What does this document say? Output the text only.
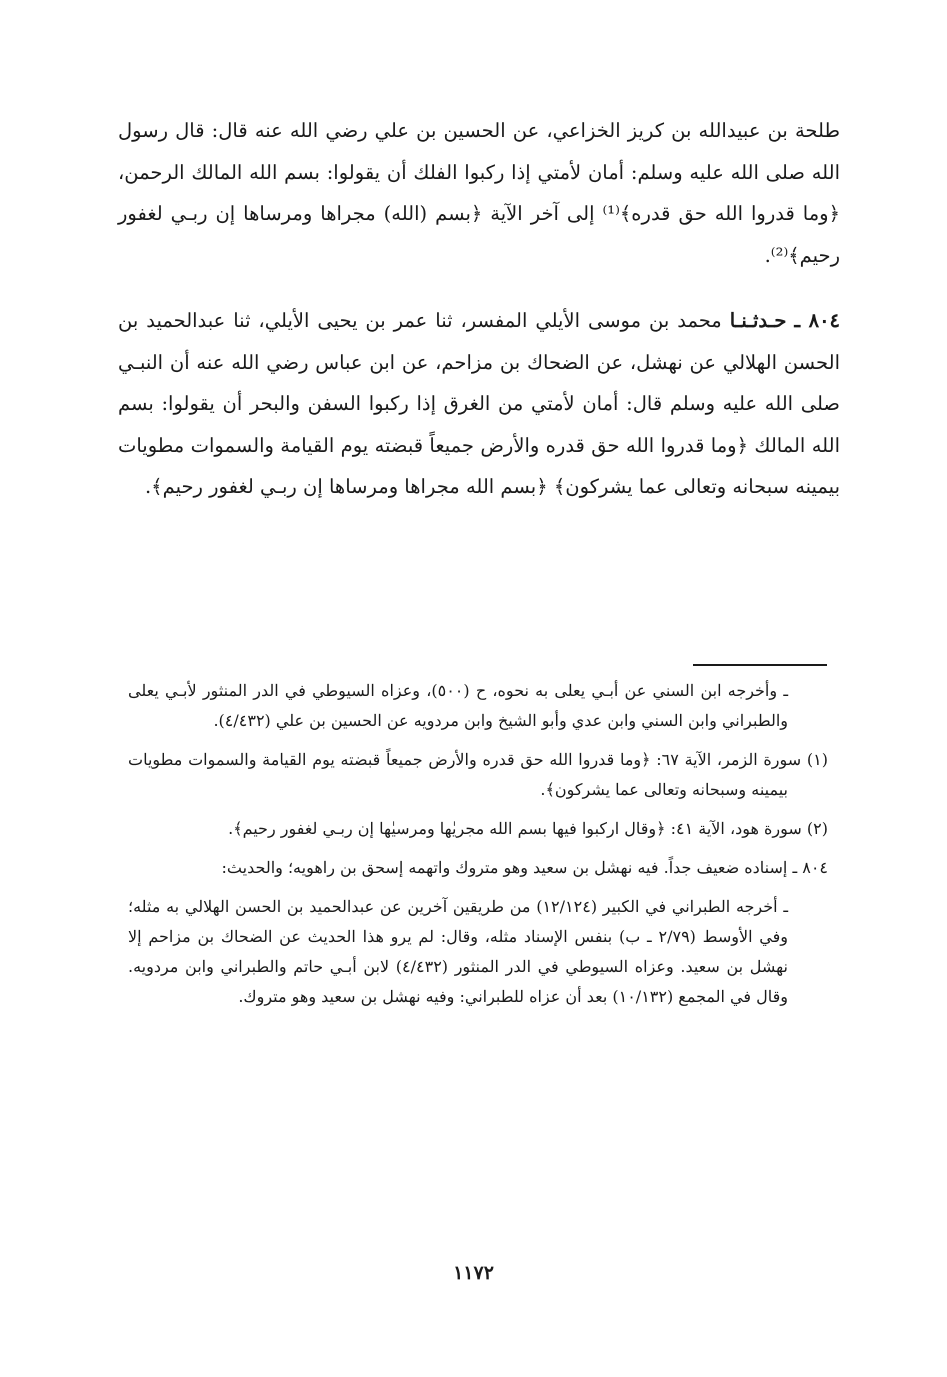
طلحة بن عبيدالله بن كريز الخزاعي، عن الحسين بن علي رضي الله عنه قال: قال رسول الله صلى الله عليه وسلم: أمان لأمتي إذا ركبوا الفلك أن يقولوا: بسم الله المالك الرحمن، ﴿وما قدروا الله حق قدره﴾⁽¹⁾ إلى آخر الآية ﴿بسم (الله) مجراها ومرساها إن ربـي لغفور رحيم﴾⁽²⁾.

٨٠٤ ـ حـدثـنـا محمد بن موسى الأيلي المفسر، ثنا عمر بن يحيى الأيلي، ثنا عبدالحميد بن الحسن الهلالي عن نهشل، عن الضحاك بن مزاحم، عن ابن عباس رضي الله عنه أن النبـي صلى الله عليه وسلم قال: أمان لأمتي من الغرق إذا ركبوا السفن والبحر أن يقولوا: بسم الله المالك ﴿وما قدروا الله حق قدره والأرض جميعاً قبضته يوم القيامة والسموات مطويات بيمينه سبحانه وتعالى عما يشركون﴾ ﴿بسم الله مجراها ومرساها إن ربـي لغفور رحيم﴾.

ـ وأخرجه ابن السني عن أبـي يعلى به نحوه، ح (٥٠٠)، وعزاه السيوطي في الدر المنثور لأبـي يعلى والطبراني وابن السني وابن عدي وأبو الشيخ وابن مردويه عن الحسين بن علي (٤/٤٣٢).

(١) سورة الزمر، الآية ٦٧: ﴿وما قدروا الله حق قدره والأرض جميعاً قبضته يوم القيامة والسموات مطويات بيمينه وسبحانه وتعالى عما يشركون﴾.

(٢) سورة هود، الآية ٤١: ﴿وقال اركبوا فيها بسم الله مجريٰها ومرسيٰها إن ربـي لغفور رحيم﴾.

٨٠٤ ـ إسناده ضعيف جداً. فيه نهشل بن سعيد وهو متروك واتهمه إسحق بن راهويه؛ والحديث:

ـ أخرجه الطبراني في الكبير (١٢/١٢٤) من طريقين آخرين عن عبدالحميد بن الحسن الهلالي به مثله؛ وفي الأوسط (٢/٧٩ ـ ب) بنفس الإسناد مثله، وقال: لم يرو هذا الحديث عن الضحاك بن مزاحم إلا نهشل بن سعيد. وعزاه السيوطي في الدر المنثور (٤/٤٣٢) لابن أبـي حاتم والطبراني وابن مردويه. وقال في المجمع (١٠/١٣٢) بعد أن عزاه للطبراني: وفيه نهشل بن سعيد وهو متروك.

١١٧٢
